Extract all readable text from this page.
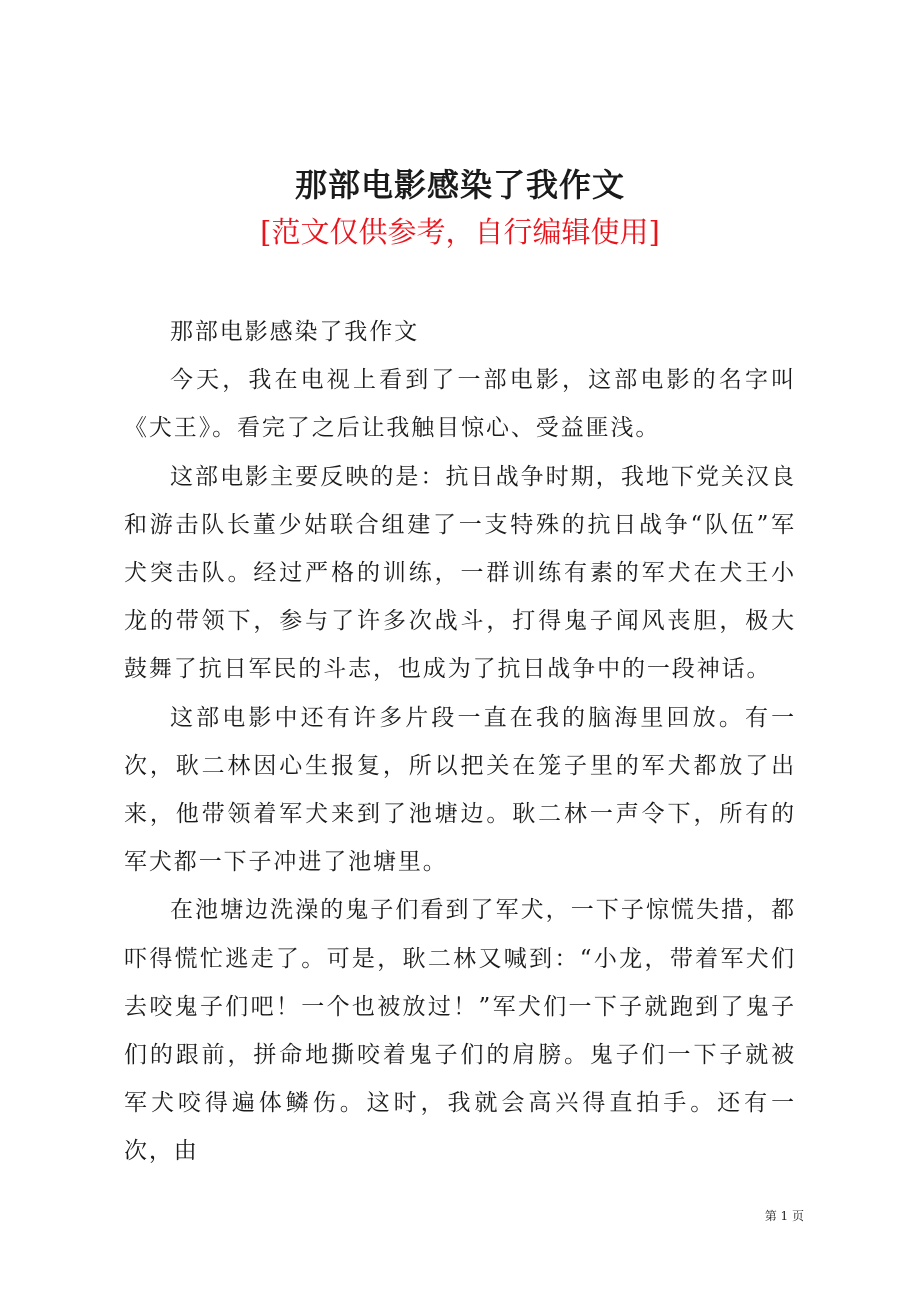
那部电影感染了我作文
[范文仅供参考，自行编辑使用]

那部电影感染了我作文

今天，我在电视上看到了一部电影，这部电影的名字叫《犬王》。看完了之后让我触目惊心、受益匪浅。

这部电影主要反映的是：抗日战争时期，我地下党关汉良和游击队长董少姑联合组建了一支特殊的抗日战争“队伍”军犬突击队。经过严格的训练，一群训练有素的军犬在犬王小龙的带领下，参与了许多次战斗，打得鬼子闻风丧胆，极大鼓舞了抗日军民的斗志，也成为了抗日战争中的一段神话。

这部电影中还有许多片段一直在我的脑海里回放。有一次，耿二林因心生报复，所以把关在笼子里的军犬都放了出来，他带领着军犬来到了池塘边。耿二林一声令下，所有的军犬都一下子冲进了池塘里。

在池塘边洗澡的鬼子们看到了军犬，一下子惊慌失措，都吓得慌忙逃走了。可是，耿二林又喊到：“小龙，带着军犬们去咬鬼子们吧！一个也被放过！”军犬们一下子就跑到了鬼子们的跟前，拼命地撕咬着鬼子们的肩膀。鬼子们一下子就被军犬咬得遍体鳞伤。这时，我就会高兴得直拍手。还有一次，由

第 1 页
